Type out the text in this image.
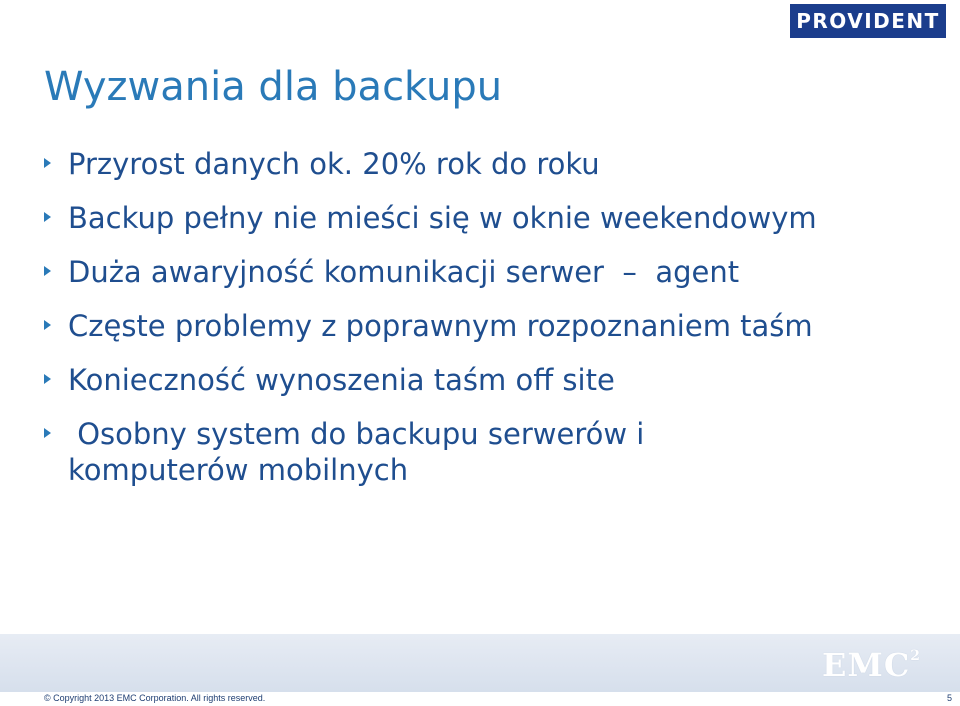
PROVIDENT
Wyzwania dla backupu
Przyrost danych ok. 20% rok do roku
Backup pełny nie mieści się w oknie weekendowym
Duża awaryjność komunikacji serwer  –  agent
Częste problemy z poprawnym rozpoznaniem taśm
Konieczność wynoszenia taśm off site
Osobny system do backupu serwerów i komputerów mobilnych
EMC$^2$
© Copyright 2013 EMC Corporation. All rights reserved.	5
